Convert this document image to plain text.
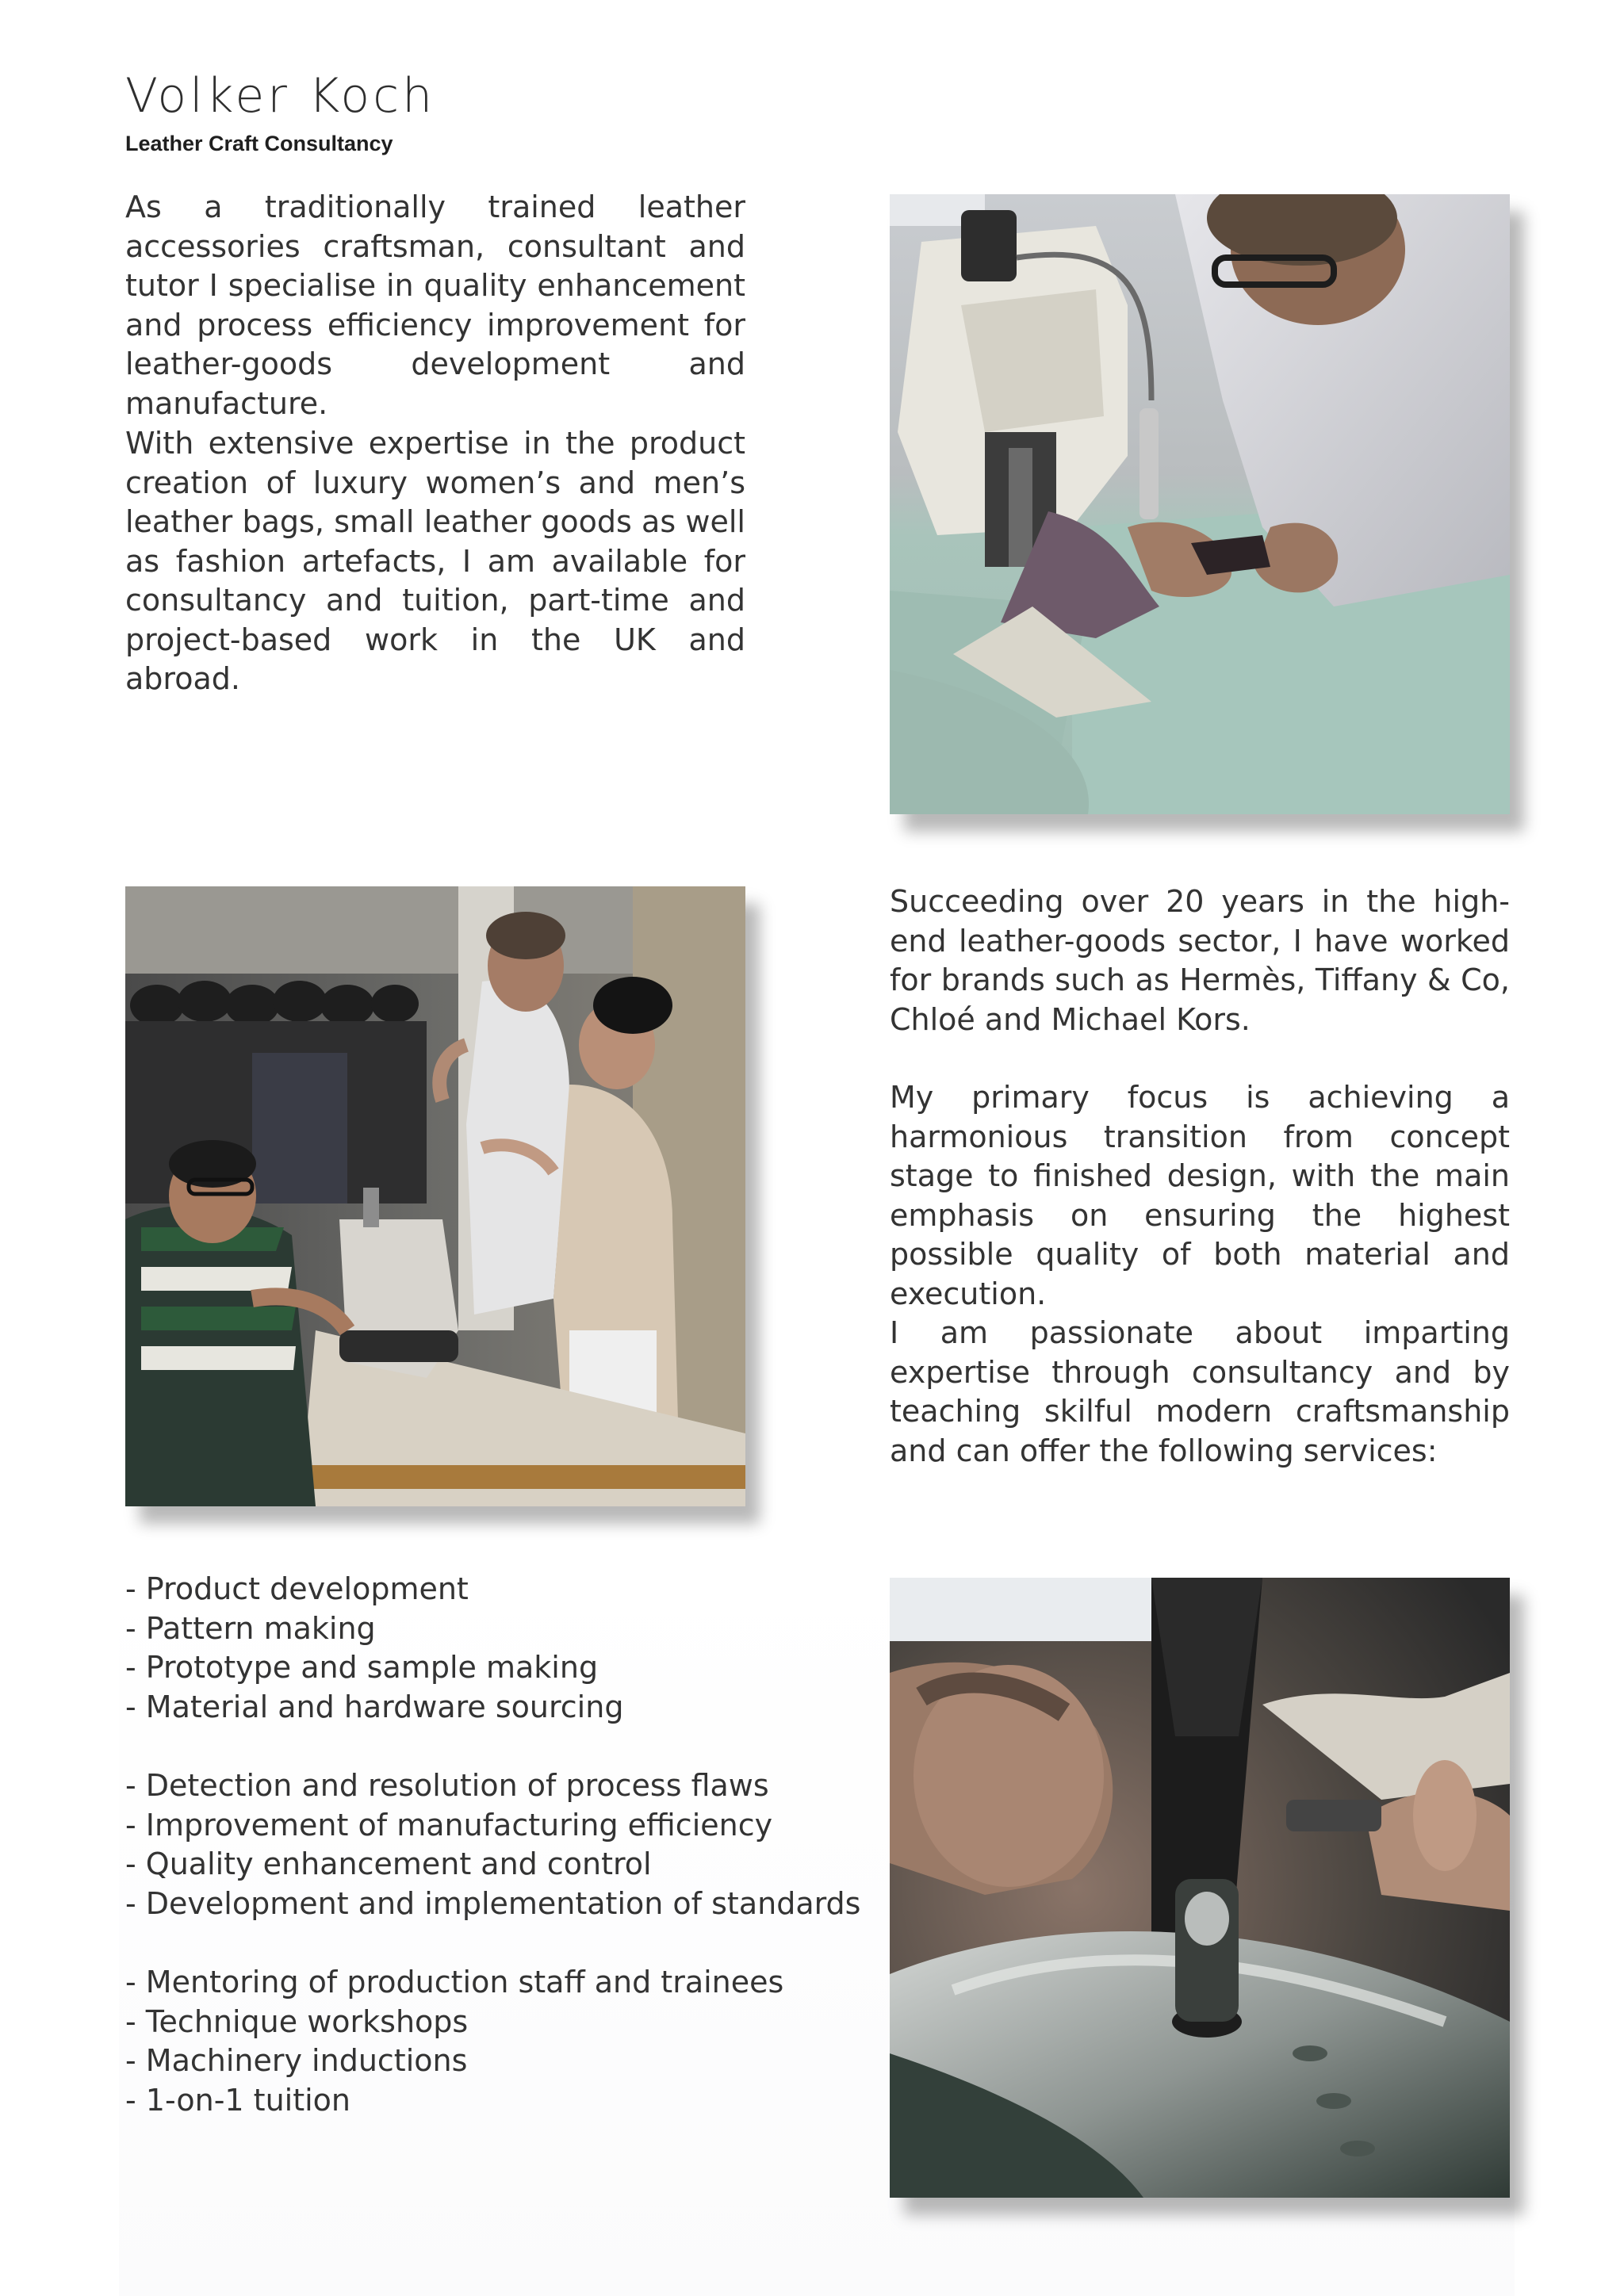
Volker Koch
Leather Craft Consultancy

As a traditionally trained leather accessories craftsman, consultant and tutor I specialise in quality enhancement and process efficiency improvement for leather-goods development and manufacture.

With extensive expertise in the product creation of luxury women’s and men’s leather bags, small leather goods as well as fashion artefacts, I am available for consultancy and tuition, part-time and project-based work in the UK and abroad.

Succeeding over 20 years in the high-end leather-goods sector, I have worked for brands such as Hermès, Tiffany & Co, Chloé and Michael Kors.

My primary focus is achieving a harmonious transition from concept stage to finished design, with the main emphasis on ensuring the highest possible quality of both material and execution.

I am passionate about imparting expertise through consultancy and by teaching skilful modern craftsmanship and can offer the following services:

- Product development
- Pattern making
- Prototype and sample making
- Material and hardware sourcing
- Detection and resolution of process flaws
- Improvement of manufacturing efficiency
- Quality enhancement and control
- Development and implementation of standards
- Mentoring of production staff and trainees
- Technique workshops
- Machinery inductions
- 1-on-1 tuition
